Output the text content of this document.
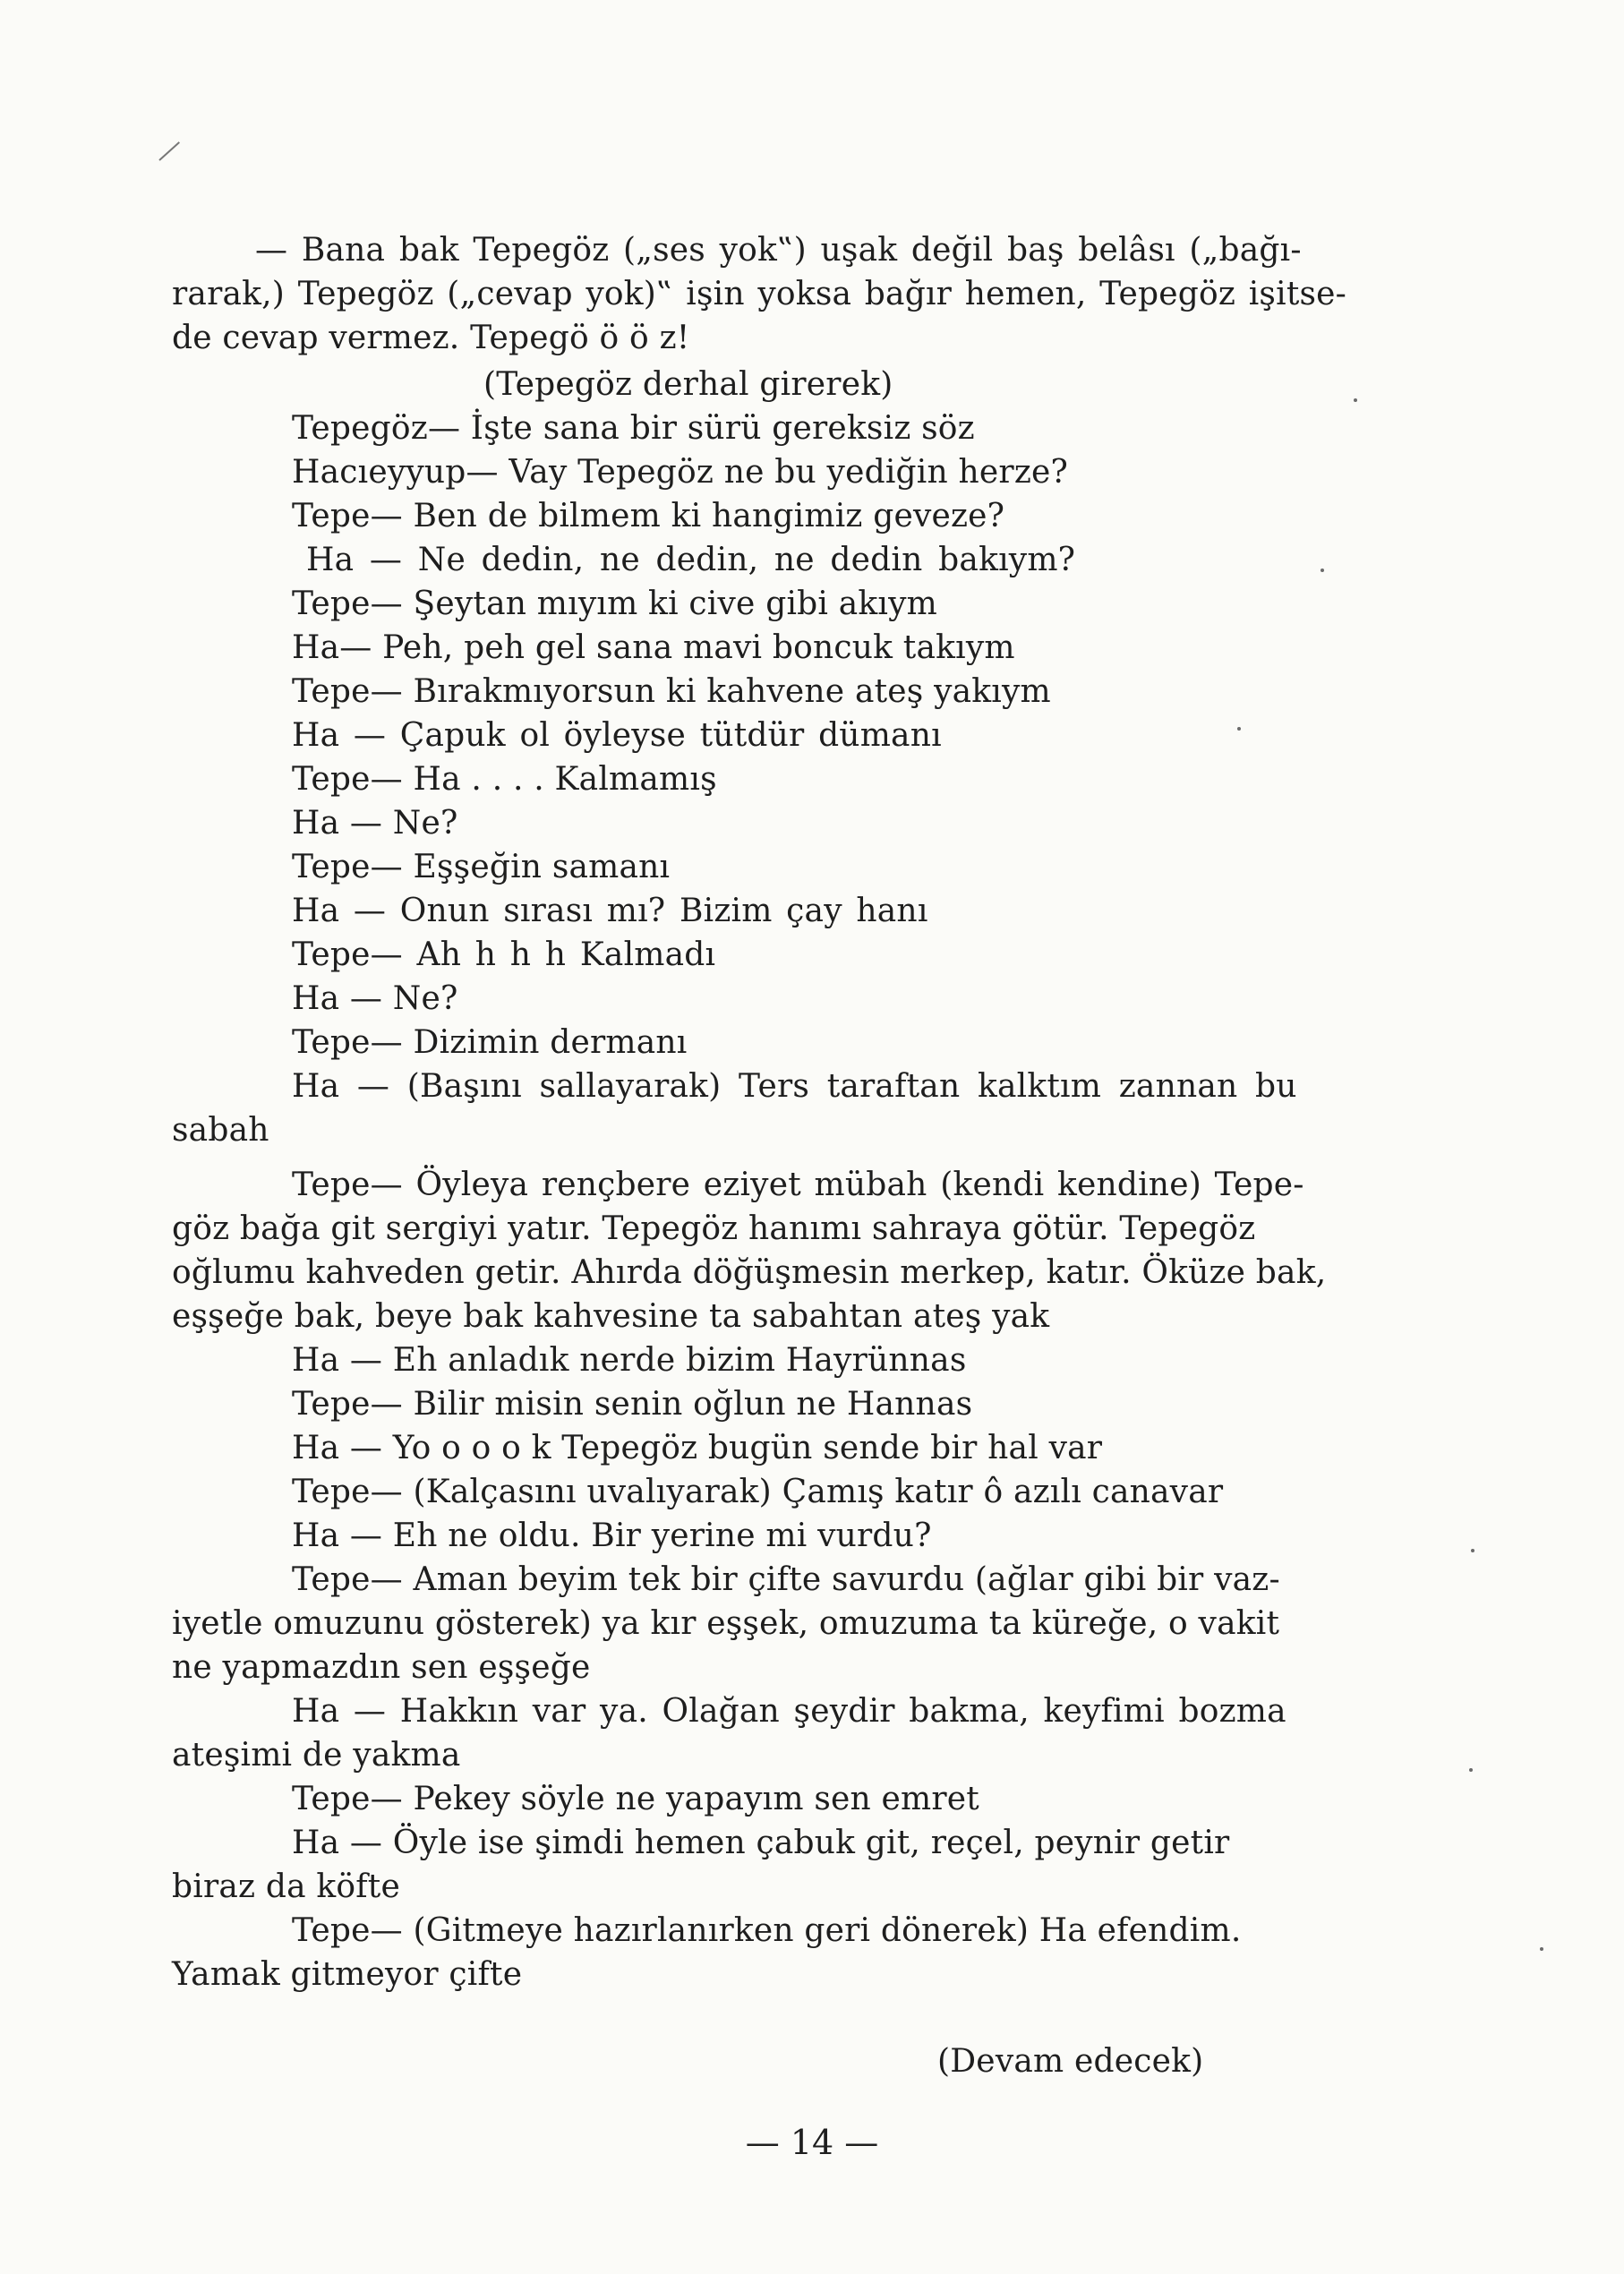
— Bana bak Tepegöz („ses yok‟) uşak değil baş belâsı („bağı-
rarak,) Tepegöz („cevap yok)‟ işin yoksa bağır hemen, Tepegöz işitse-
de cevap vermez. Tepegö ö ö z!
(Tepegöz derhal girerek)
Tepegöz— İşte sana bir sürü gereksiz söz
Hacıeyyup— Vay Tepegöz ne bu yediğin herze?
Tepe— Ben de bilmem ki hangimiz geveze?
Ha — Ne dedin, ne dedin, ne dedin bakıym?
Tepe— Şeytan mıyım ki cive gibi akıym
Ha— Peh, peh gel sana mavi boncuk takıym
Tepe— Bırakmıyorsun ki kahvene ateş yakıym
Ha — Çapuk ol öyleyse tütdür dümanı
Tepe— Ha . . . . Kalmamış
Ha — Ne?
Tepe— Eşşeğin samanı
Ha — Onun sırası mı? Bizim çay hanı
Tepe— Ah h h h Kalmadı
Ha — Ne?
Tepe— Dizimin dermanı
Ha — (Başını sallayarak) Ters taraftan kalktım zannan bu
sabah
Tepe— Öyleya rençbere eziyet mübah (kendi kendine) Tepe-
göz bağa git sergiyi yatır. Tepegöz hanımı sahraya götür. Tepegöz
oğlumu kahveden getir. Ahırda döğüşmesin merkep, katır. Öküze bak,
eşşeğe bak, beye bak kahvesine ta sabahtan ateş yak
Ha — Eh anladık nerde bizim Hayrünnas
Tepe— Bilir misin senin oğlun ne Hannas
Ha — Yo o o o k Tepegöz bugün sende bir hal var
Tepe— (Kalçasını uvalıyarak) Çamış katır ô azılı canavar
Ha — Eh ne oldu. Bir yerine mi vurdu?
Tepe— Aman beyim tek bir çifte savurdu (ağlar gibi bir vaz-
iyetle omuzunu gösterek) ya kır eşşek, omuzuma ta küreğe, o vakit
ne yapmazdın sen eşşeğe
Ha — Hakkın var ya. Olağan şeydir bakma, keyfimi bozma
ateşimi de yakma
Tepe— Pekey söyle ne yapayım sen emret
Ha — Öyle ise şimdi hemen çabuk git, reçel, peynir getir
biraz da köfte
Tepe— (Gitmeye hazırlanırken geri dönerek) Ha efendim.
Yamak gitmeyor çifte
(Devam edecek)
— 14 —
